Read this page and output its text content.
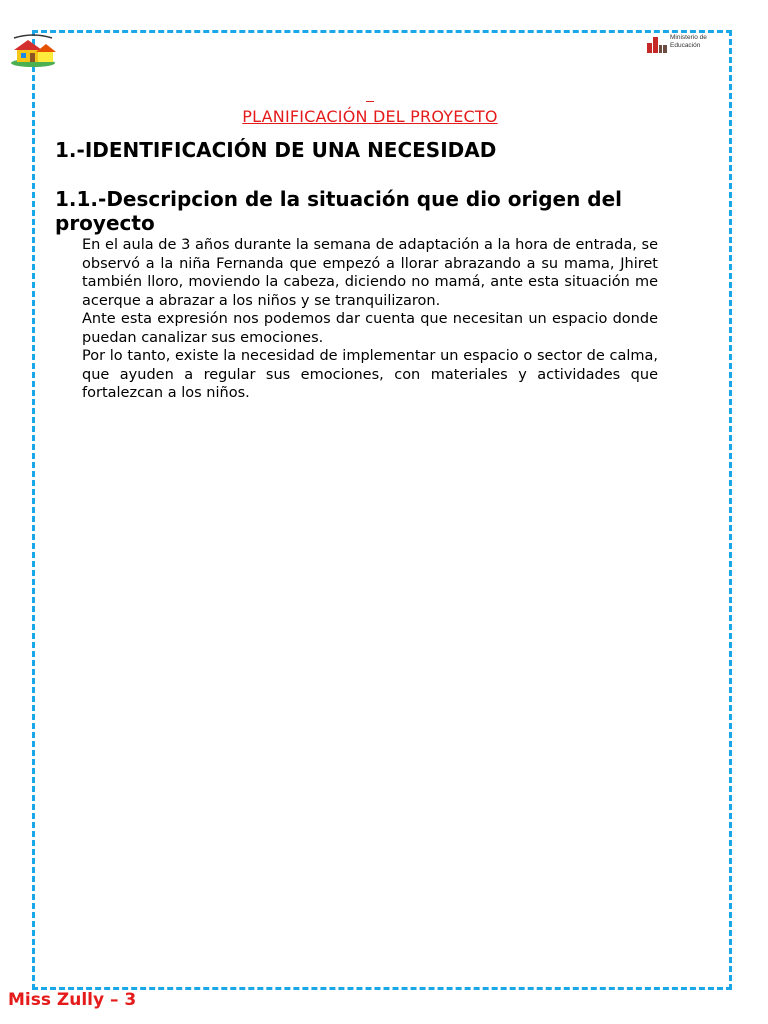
Ministerio de Educación
PLANIFICACIÓN DEL PROYECTO
1.-IDENTIFICACIÓN DE UNA NECESIDAD
1.1.-Descripcion de la situación que dio origen del proyecto

En el aula de 3 años durante la semana de adaptación a la hora de entrada, se observó a la niña Fernanda que empezó a llorar abrazando a su mama, Jhiret también lloro, moviendo la cabeza, diciendo no mamá, ante esta situación me acerque a abrazar a los niños y se tranquilizaron.

Ante esta expresión nos podemos dar cuenta que necesitan un espacio donde puedan canalizar sus emociones.

Por lo tanto, existe la necesidad de implementar un espacio o sector de calma, que ayuden a regular sus emociones, con materiales y actividades que fortalezcan a los niños.

Miss Zully – 3
